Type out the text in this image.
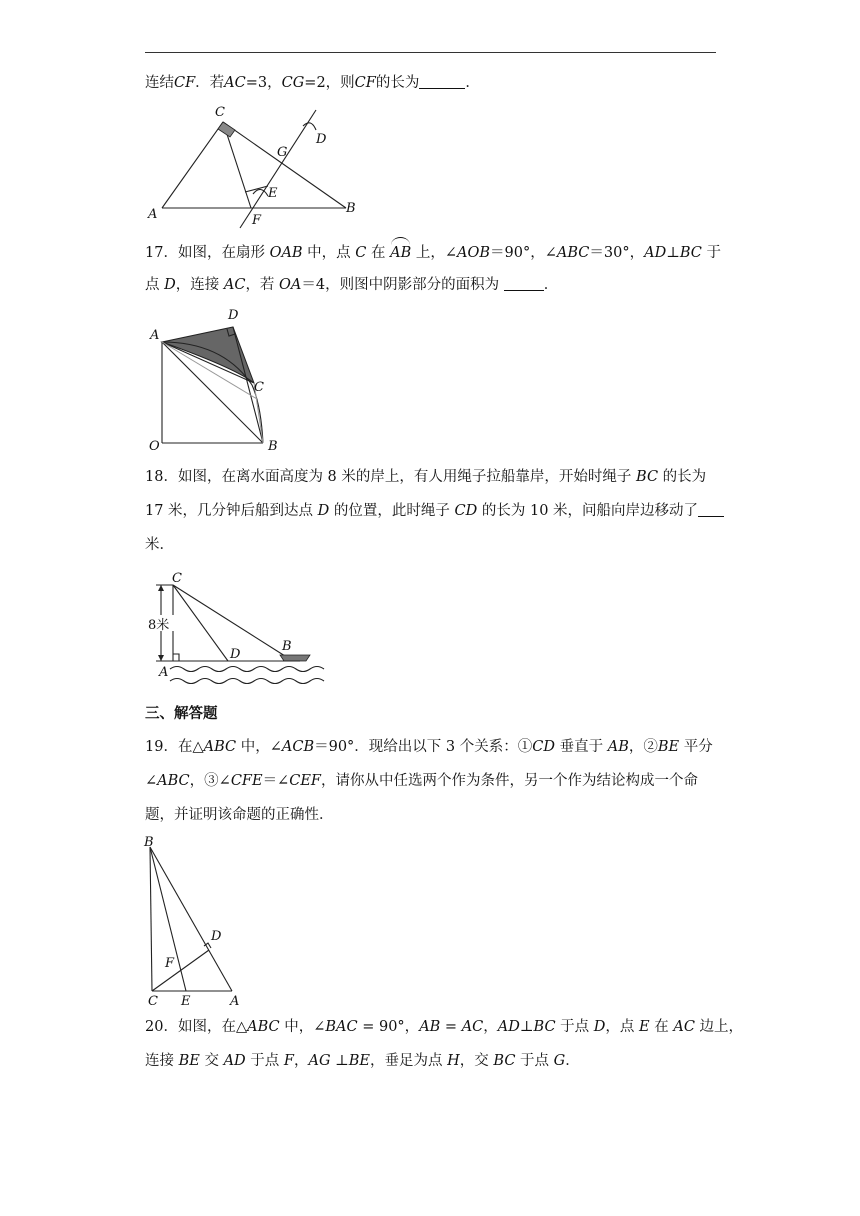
连结CF．若AC=3，CG=2，则CF的长为	．
C
D
G
E
A	F
B
17．如图，在扇形 OAB 中，点 C 在 AB 上，∠AOB＝90°，∠ABC＝30°，AD⊥BC 于
点 D，连接 AC，若 OA＝4，则图中阴影部分的面积为	．
A
D
C
O	B
18．如图，在离水面高度为 8 米的岸上，有人用绳子拉船靠岸，开始时绳子 BC 的长为
17 米，几分钟后船到达点 D 的位置，此时绳子 CD 的长为 10 米，问船向岸边移动了
米．
C
8米
D
B
A
三、解答题
19．在△ABC 中，∠ACB＝90°．现给出以下 3 个关系：①CD 垂直于 AB，②BE 平分
∠ABC，③∠CFE＝∠CEF，请你从中任选两个作为条件，另一个作为结论构成一个命
题，并证明该命题的正确性．
B
D
F
C E	A
20．如图，在△ABC 中，∠BAC = 90°，AB = AC，AD⊥BC 于点 D，点 E 在 AC 边上，
连接 BE 交 AD 于点 F，AG ⊥BE，垂足为点 H，交 BC 于点 G．
